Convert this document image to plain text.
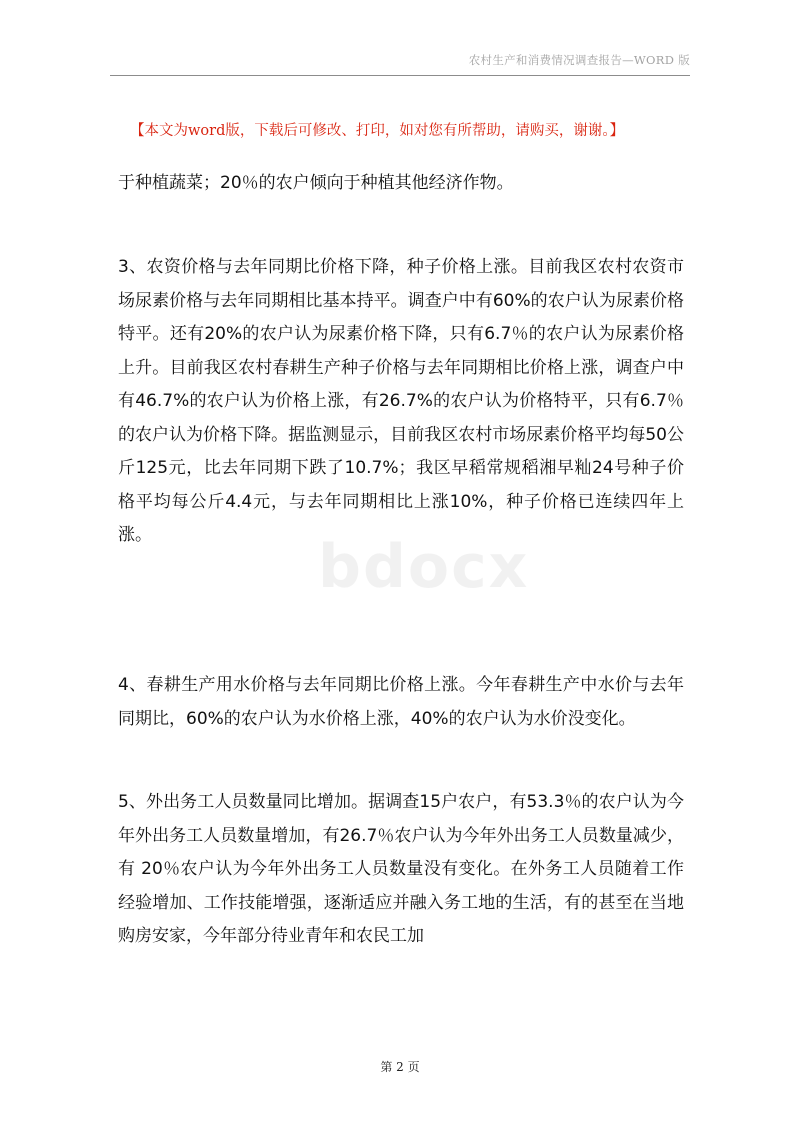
农村生产和消费情况调查报告—WORD 版
【本文为word版，下载后可修改、打印，如对您有所帮助，请购买，谢谢。】
bdocx

于种植蔬菜；20％的农户倾向于种植其他经济作物。

3、农资价格与去年同期比价格下降，种子价格上涨。目前我区农村农资市场尿素价格与去年同期相比基本持平。调查户中有60%的农户认为尿素价格特平。还有20%的农户认为尿素价格下降，只有6.7％的农户认为尿素价格上升。目前我区农村春耕生产种子价格与去年同期相比价格上涨，调查户中有46.7%的农户认为价格上涨，有26.7%的农户认为价格特平，只有6.7％的农户认为价格下降。据监测显示，目前我区农村市场尿素价格平均每50公斤125元，比去年同期下跌了10.7%；我区早稻常规稻湘早籼24号种子价格平均每公斤4.4元，与去年同期相比上涨10%，种子价格已连续四年上涨。

4、春耕生产用水价格与去年同期比价格上涨。今年春耕生产中水价与去年同期比，60%的农户认为水价格上涨，40%的农户认为水价没变化。

5、外出务工人员数量同比增加。据调查15户农户，有53.3％的农户认为今年外出务工人员数量增加，有26.7％农户认为今年外出务工人员数量减少，有 20％农户认为今年外出务工人员数量没有变化。在外务工人员随着工作经验增加、工作技能增强，逐渐适应并融入务工地的生活，有的甚至在当地购房安家，今年部分待业青年和农民工加

第 2 页
